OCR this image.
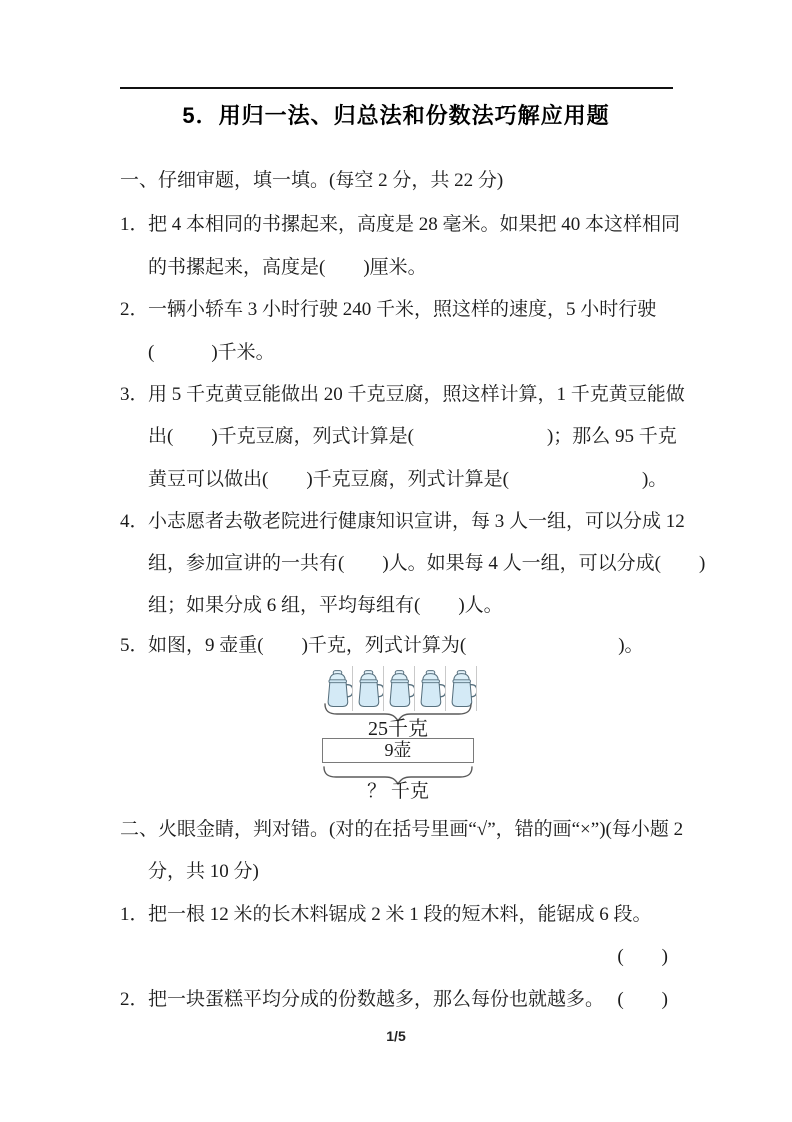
5．用归一法、归总法和份数法巧解应用题
一、仔细审题，填一填。(每空 2 分，共 22 分)
1．把 4 本相同的书摞起来，高度是 28 毫米。如果把 40 本这样相同
的书摞起来，高度是(　　)厘米。
2．一辆小轿车 3 小时行驶 240 千米，照这样的速度，5 小时行驶
(　　　)千米。
3．用 5 千克黄豆能做出 20 千克豆腐，照这样计算，1 千克黄豆能做
出(　　)千克豆腐，列式计算是(　　　　　　　)；那么 95 千克
黄豆可以做出(　　)千克豆腐，列式计算是(　　　　　　　)。
4．小志愿者去敬老院进行健康知识宣讲，每 3 人一组，可以分成 12
组，参加宣讲的一共有(　　)人。如果每 4 人一组，可以分成(　　)
组；如果分成 6 组，平均每组有(　　)人。
5．如图，9 壶重(　　)千克，列式计算为(　　　　　　　　)。
25千克
9壶
？ 千克
二、火眼金睛，判对错。(对的在括号里画“√”，错的画“×”)(每小题 2
分，共 10 分)
1．把一根 12 米的长木料锯成 2 米 1 段的短木料，能锯成 6 段。
(　　)
2．把一块蛋糕平均分成的份数越多，那么每份也就越多。 (　　)
1/5
